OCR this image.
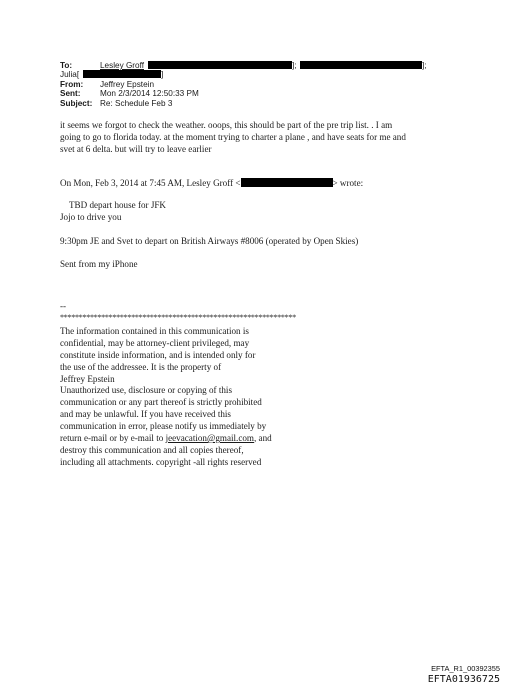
To:	Lesley Groff	];	];
Julia[	]
From: Jeffrey Epstein
Sent: Mon 2/3/2014 12:50:33 PM
Subject: Re: Schedule Feb 3
it seems we forgot to check the weather. ooops, this should be part of the pre trip list. . I am
going to go to florida today. at the moment trying to charter a plane , and have seats for me and
svet at 6 delta. but will try to leave earlier
On Mon, Feb 3, 2014 at 7:45 AM, Lesley Groff <	> wrote:
TBD depart house for JFK
Jojo to drive you
9:30pm JE and Svet to depart on British Airways #8006 (operated by Open Skies)
Sent from my iPhone
--
***************************************************************
The information contained in this communication is
confidential, may be attorney-client privileged, may
constitute inside information, and is intended only for
the use of the addressee. It is the property of
Jeffrey Epstein
Unauthorized use, disclosure or copying of this
communication or any part thereof is strictly prohibited
and may be unlawful. If you have received this
communication in error, please notify us immediately by
return e-mail or by e-mail to jeevacation@gmail.com, and
destroy this communication and all copies thereof,
including all attachments. copyright -all rights reserved
EFTA_R1_00392355
EFTA01936725
